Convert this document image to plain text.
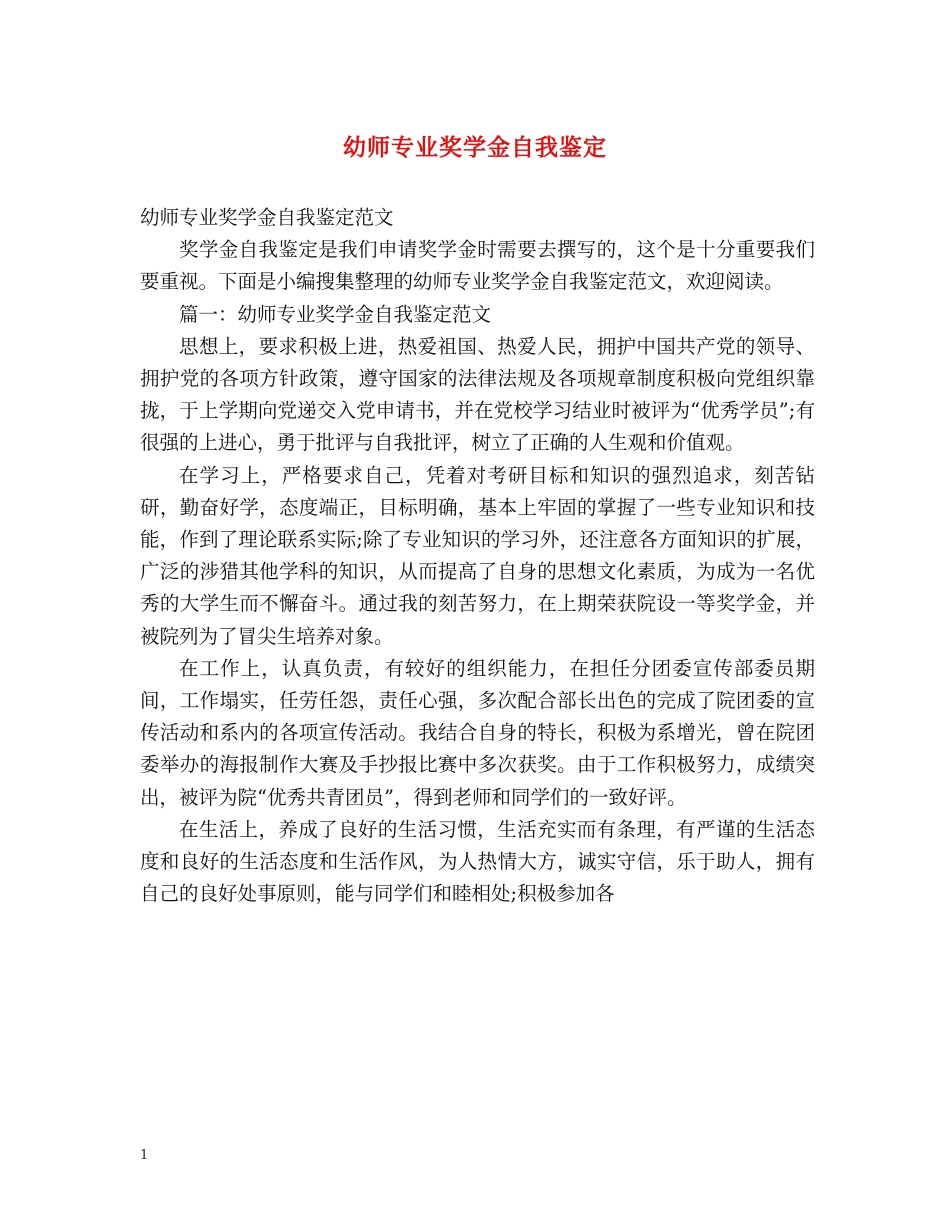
幼师专业奖学金自我鉴定

幼师专业奖学金自我鉴定范文

奖学金自我鉴定是我们申请奖学金时需要去撰写的，这个是十分重要我们要重视。下面是小编搜集整理的幼师专业奖学金自我鉴定范文，欢迎阅读。

篇一：幼师专业奖学金自我鉴定范文

思想上，要求积极上进，热爱祖国、热爱人民，拥护中国共产党的领导、拥护党的各项方针政策，遵守国家的法律法规及各项规章制度积极向党组织靠拢，于上学期向党递交入党申请书，并在党校学习结业时被评为“优秀学员”;有很强的上进心，勇于批评与自我批评，树立了正确的人生观和价值观。

在学习上，严格要求自己，凭着对考研目标和知识的强烈追求，刻苦钻研，勤奋好学，态度端正，目标明确，基本上牢固的掌握了一些专业知识和技能，作到了理论联系实际;除了专业知识的学习外，还注意各方面知识的扩展，广泛的涉猎其他学科的知识，从而提高了自身的思想文化素质，为成为一名优秀的大学生而不懈奋斗。通过我的刻苦努力，在上期荣获院设一等奖学金，并被院列为了冒尖生培养对象。

在工作上，认真负责，有较好的组织能力，在担任分团委宣传部委员期间，工作塌实，任劳任怨，责任心强，多次配合部长出色的完成了院团委的宣传活动和系内的各项宣传活动。我结合自身的特长，积极为系增光，曾在院团委举办的海报制作大赛及手抄报比赛中多次获奖。由于工作积极努力，成绩突出，被评为院“优秀共青团员”，得到老师和同学们的一致好评。

在生活上，养成了良好的生活习惯，生活充实而有条理，有严谨的生活态度和良好的生活态度和生活作风，为人热情大方，诚实守信，乐于助人，拥有自己的良好处事原则，能与同学们和睦相处;积极参加各

1
